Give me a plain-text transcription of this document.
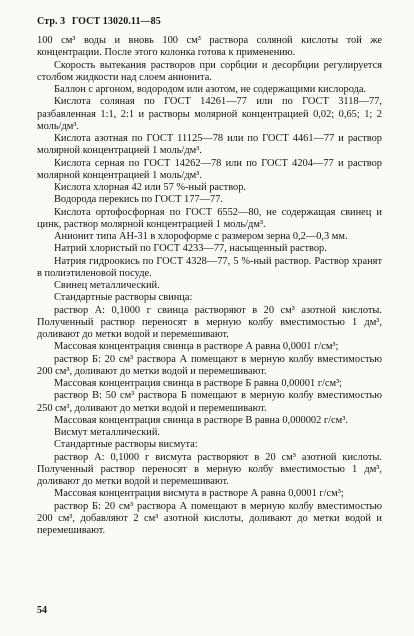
Стр. 3 ГОСТ 13020.11—85

100 см³ воды и вновь 100 см³ раствора соляной кислоты той же концентрации. После этого колонка готова к применению.

Скорость вытекания растворов при сорбции и десорбции регулируется столбом жидкости над слоем анионита.

Баллон с аргоном, водородом или азотом, не содержащими кислорода.

Кислота соляная по ГОСТ 14261—77 или по ГОСТ 3118—77, разбавленная 1:1, 2:1 и растворы молярной концентрацией 0,02; 0,65; 1; 2 моль/дм³.

Кислота азотная по ГОСТ 11125—78 или по ГОСТ 4461—77 и раствор молярной концентрацией 1 моль/дм³.

Кислота серная по ГОСТ 14262—78 или по ГОСТ 4204—77 и раствор молярной концентрацией 1 моль/дм³.

Кислота хлорная 42 или 57 %-ный раствор.

Водорода перекись по ГОСТ 177—77.

Кислота ортофосфорная по ГОСТ 6552—80, не содержащая свинец и цинк, раствор молярной концентрацией 1 моль/дм³.

Анионит типа АН-31 в хлороформе с размером зерна 0,2—0,3 мм.

Натрий хлористый по ГОСТ 4233—77, насыщенный раствор.

Натрия гидроокись по ГОСТ 4328—77, 5 %-ный раствор. Раствор хранят в полиэтиленовой посуде.

Свинец металлический.

Стандартные растворы свинца:

раствор А: 0,1000 г свинца растворяют в 20 см³ азотной кислоты. Полученный раствор переносят в мерную колбу вместимостью 1 дм³, доливают до метки водой и перемешивают.

Массовая концентрация свинца в растворе А равна 0,0001 г/см³;

раствор Б: 20 см³ раствора А помещают в мерную колбу вместимостью 200 см³, доливают до метки водой и перемешивают.

Массовая концентрация свинца в растворе Б равна 0,00001 г/см³;

раствор В: 50 см³ раствора Б помещают в мерную колбу вместимостью 250 см³, доливают до метки водой и перемешивают.

Массовая концентрация свинца в растворе В равна 0,000002 г/см³.

Висмут металлический.

Стандартные растворы висмута:

раствор А: 0,1000 г висмута растворяют в 20 см³ азотной кислоты. Полученный раствор переносят в мерную колбу вместимостью 1 дм³, доливают до метки водой и перемешивают.

Массовая концентрация висмута в растворе А равна 0,0001 г/см³;

раствор Б: 20 см³ раствора А помещают в мерную колбу вместимостью 200 см³, добавляют 2 см³ азотной кислоты, доливают до метки водой и перемешивают.

54
